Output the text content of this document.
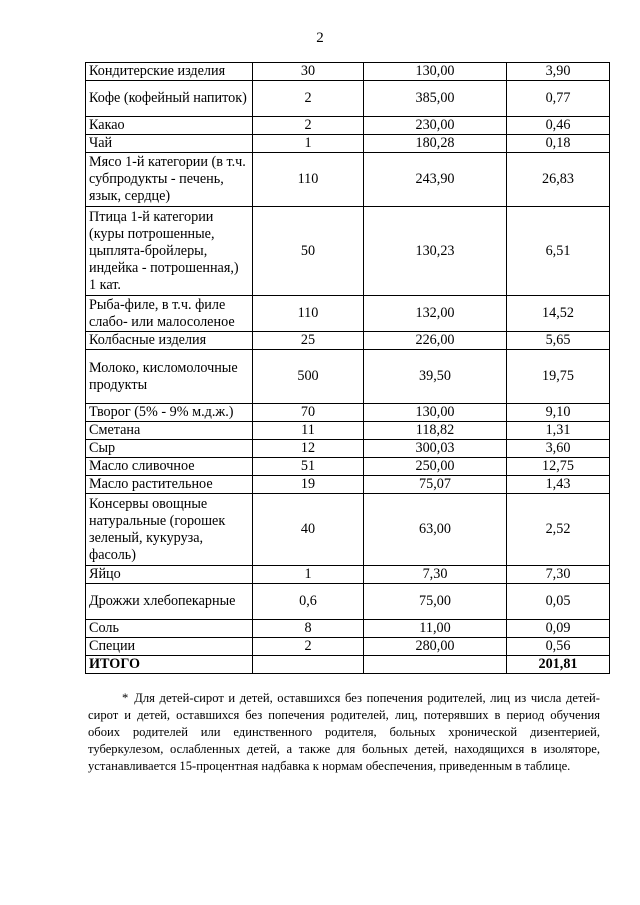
2
Кондитерские изделия	30	130,00	3,90
Кофе (кофейный напиток)	2	385,00	0,77
Какао	2	230,00	0,46
Чай	1	180,28	0,18
Мясо 1-й категории (в т.ч. субпродукты - печень, язык, сердце)	110	243,90	26,83
Птица 1-й категории (куры потрошенные, цыплята-бройлеры, индейка - потрошенная,) 1 кат.	50	130,23	6,51
Рыба-филе, в т.ч. филе слабо- или малосоленое	110	132,00	14,52
Колбасные изделия	25	226,00	5,65
Молоко, кисломолочные продукты	500	39,50	19,75
Творог (5% - 9% м.д.ж.)	70	130,00	9,10
Сметана	11	118,82	1,31
Сыр	12	300,03	3,60
Масло сливочное	51	250,00	12,75
Масло растительное	19	75,07	1,43
Консервы овощные натуральные (горошек зеленый, кукуруза, фасоль)	40	63,00	2,52
Яйцо	1	7,30	7,30
Дрожжи хлебопекарные	0,6	75,00	0,05
Соль	8	11,00	0,09
Специи	2	280,00	0,56
ИТОГО			201,81
* Для детей-сирот и детей, оставшихся без попечения родителей, лиц из числа детей-сирот и детей, оставшихся без попечения родителей, лиц, потерявших в период обучения обоих родителей или единственного родителя, больных хронической дизентерией, туберкулезом, ослабленных детей, а также для больных детей, находящихся в изоляторе, устанавливается 15-процентная надбавка к нормам обеспечения, приведенным в таблице.
